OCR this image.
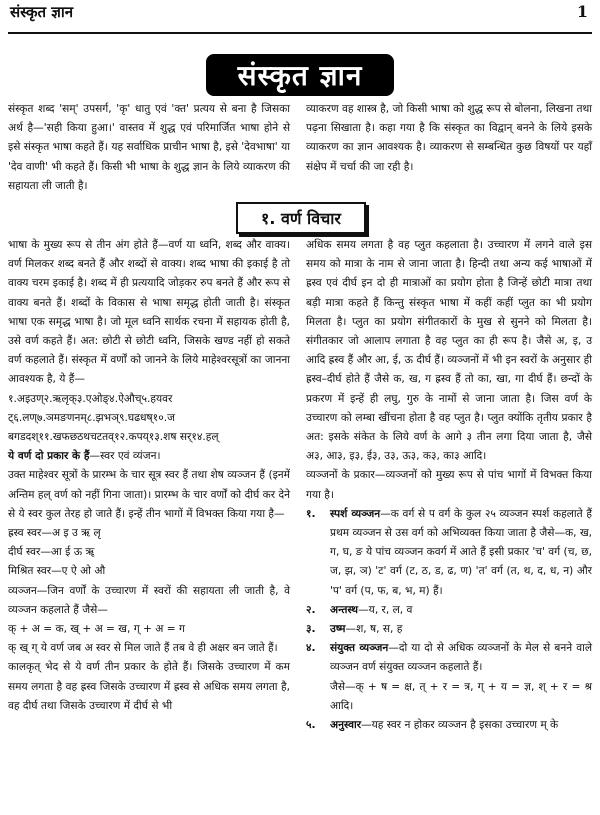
संस्कृत ज्ञान	1
संस्कृत ज्ञान

संस्कृत शब्द 'सम्' उपसर्ग, 'कृ' धातु एवं 'क्त' प्रत्यय से बना है जिसका अर्थ है—'सही किया हुआ।' वास्तव में शुद्ध एवं परिमार्जित भाषा होने से इसे संस्कृत भाषा कहते हैं। यह सर्वाधिक प्राचीन भाषा है, इसे 'देवभाषा' या 'देव वाणी' भी कहते हैं। किसी भी भाषा के शुद्ध ज्ञान के लिये व्याकरण की सहायता ली जाती है।

व्याकरण वह शास्त्र है, जो किसी भाषा को शुद्ध रूप से बोलना, लिखना तथा पढ़ना सिखाता है। कहा गया है कि संस्कृत का विद्वान् बनने के लिये इसके व्याकरण का ज्ञान आवश्यक है। व्याकरण से सम्बन्धित कुछ विषयों पर यहाँ संक्षेप में चर्चा की जा रही है।

१. वर्ण विचार

भाषा के मुख्य रूप से तीन अंग होते हैं—वर्ण या ध्वनि, शब्द और वाक्य। वर्ण मिलकर शब्द बनते हैं और शब्दों से वाक्य। शब्द भाषा की इकाई है तो वाक्य चरम इकाई है। शब्द में ही प्रत्ययादि जोड़कर रुप बनते हैं और रूप से वाक्य बनते हैं। शब्दों के विकास से भाषा समृद्ध होती जाती है। संस्कृत भाषा एक समृद्ध भाषा है। जो मूल ध्वनि सार्थक रचना में सहायक होती है, उसे वर्ण कहते हैं। अत: छोटी से छोटी ध्वनि, जिसके खण्ड नहीं हो सकते वर्ण कहलाते हैं। संस्कृत में वर्णों को जानने के लिये माहेश्वरसूत्रों का जानना आवश्यक है, ये हैं—

१.अइउण्२.ऋलृक्३.एओङ्४.ऐऔच्५.हयवर ट्६.लण्७.ञमङणनम्८.झभञ्९.घढधष्१०.ज बगडदश्११.खफछठथचटतव्१२.कपय्१३.शष सर्१४.हल्

ये वर्ण दो प्रकार के हैं—स्वर एवं व्यंजन।

उक्त माहेश्वर सूत्रों के प्रारम्भ के चार सूत्र स्वर हैं तथा शेष व्यञ्जन हैं (इनमें अन्तिम हल् वर्ण को नहीं गिना जाता)। प्रारम्भ के चार वर्णों को दीर्घ कर देने से ये स्वर कुल तेरह हो जाते हैं। इन्हें तीन भागों में विभक्त किया गया है—

ह्रस्व स्वर—अ इ उ ऋ लृ

दीर्घ स्वर—आ ई ऊ ॠ

मिश्रित स्वर—ए ऐ ओ औ

व्यञ्जन—जिन वर्णों के उच्चारण में स्वरों की सहायता ली जाती है, वे व्यञ्जन कहलाते हैं जैसे—

क् + अ = क, ख् + अ = ख, ग् + अ = ग

क् ख् ग् ये वर्ण जब अ स्वर से मिल जाते हैं तब वे ही अक्षर बन जाते हैं।

कालकृत् भेद से ये वर्ण तीन प्रकार के होते हैं। जिसके उच्चारण में कम समय लगता है वह ह्रस्व जिसके उच्चारण में ह्रस्व से अधिक समय लगता है, वह दीर्घ तथा जिसके उच्चारण में दीर्घ से भी

अधिक समय लगता है वह प्लुत कहलाता है। उच्चारण में लगने वाले इस समय को मात्रा के नाम से जाना जाता है। हिन्दी तथा अन्य कई भाषाओं में ह्रस्व एवं दीर्घ इन दो ही मात्राओं का प्रयोग होता है जिन्हें छोटी मात्रा तथा बड़ी मात्रा कहते हैं किन्तु संस्कृत भाषा में कहीं कहीं प्लुत का भी प्रयोग मिलता है। प्लुत का प्रयोग संगीतकारों के मुख से सुनने को मिलता है। संगीतकार जो आलाप लगाता है वह प्लुत का ही रूप है। जैसे अ, इ, उ आदि ह्रस्व हैं और आ, ई, ऊ दीर्घ हैं। व्यञ्जनों में भी इन स्वरों के अनुसार ही ह्रस्व–दीर्घ होते हैं जैसे क, ख, ग ह्रस्व हैं तो का, खा, गा दीर्घ हैं। छन्दों के प्रकरण में इन्हें ही लघु, गुरु के नामों से जाना जाता है। जिस वर्ण के उच्चारण को लम्बा खींचना होता है वह प्लुत है। प्लुत क्योंकि तृतीय प्रकार है अत: इसके संकेत के लिये वर्ण के आगे ३ तीन लगा दिया जाता है, जैसे अ३, आ३, इ३, ई३, उ३, ऊ३, क३, का३ आदि।

व्यञ्जनों के प्रकार—व्यञ्जनों को मुख्य रूप से पांच भागों में विभक्त किया गया है।

१.	स्पर्श व्यञ्जन—क वर्ग से प वर्ग के कुल २५ व्यञ्जन स्पर्श कहलाते हैं प्रथम व्यञ्जन से उस वर्ग को अभिव्यक्त किया जाता है जैसे—क, ख, ग, घ, ङ ये पांच व्यञ्जन कवर्ग में आते हैं इसी प्रकार 'च' वर्ग (च, छ, ज, झ, ञ) 'ट' वर्ग (ट, ठ, ड, ढ, ण) 'त' वर्ग (त, थ, द, ध, न) और 'प' वर्ग (प, फ, ब, भ, म) हैं।
२.	अन्तस्थ—य, र, ल, व
३.	उष्म—श, ष, स, ह
४.	संयुक्त व्यञ्जन—दो या दो से अधिक व्यञ्जनों के मेल से बनने वाले व्यञ्जन वर्ण संयुक्त व्यञ्जन कहलाते हैं।
जैसे—क् + ष = क्ष, त् + र = त्र, ग् + य = ज्ञ, श् + र = श्र आदि।
५.	अनुस्वार—यह स्वर न होकर व्यञ्जन है इसका उच्चारण म् के
